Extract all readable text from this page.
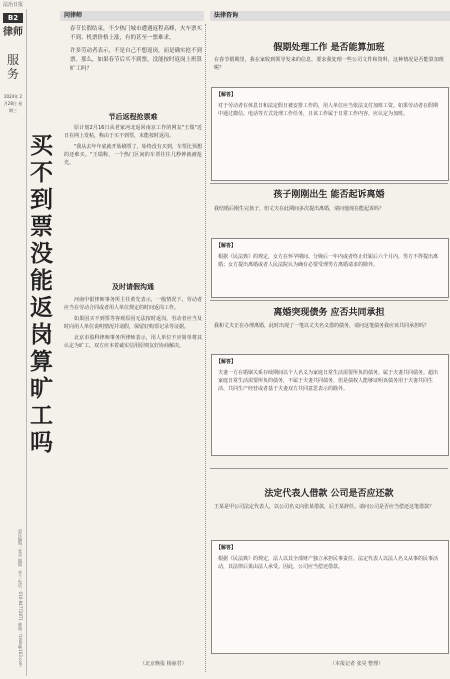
法治日报
B2
律师
服务
2024年 2月28日 星期三
责任编辑：张昊 编辑：李兰 电话：010-84772871 邮箱：fzrbls@163.com
买不到票没能返岗算旷工吗
问律师	法律咨询

春节长假结束，不少热门城市遭遇返程高峰，火车票买不到、机票价格上涨，有的甚至一票难求。

许多劳动者表示，不是自己不想返岗，而是确实抢不到票。那么，如果春节后买不到票，没能按时返岗上班算旷工吗？

节后返程抢票难

原计划2月16日从老家河北返回南京工作的网友"王瑞"近日在网上发帖，称由于买不到票，未能按时返岗。

"我从去年年底就开始刷票了，始终没有买到，车票比预想的还难买。"王瑞称，一个热门区间的车票往往几秒钟就被抢光。

及时请假沟通

河南中银律师事务所主任黄先表示，一般情况下，劳动者应当在劳动合同或者用人单位规定的时间返岗工作。

如果因买不到票等客观原因无法按时返岗，劳动者应当及时向用人单位说明情况并请假，保留好购票记录等证据。

北京市盈科律师事务所律师表示，用人单位不应简单将其认定为旷工。双方应本着诚实信用原则友好协商解决。

（北京晚报 杨丽君）
假期处理工作 是否能算加班
在春节假期里，我在家收到领导发来的信息，要求我处理一些公司文件和资料，这种情况是否能算加班呢？
【解答】
对于劳动者在休息日和法定假日被安排工作的，用人单位应当依法支付加班工资。如果劳动者在假期中通过微信、电话等方式处理工作任务，且该工作属于日常工作内容，应认定为加班。
孩子刚刚出生 能否起诉离婚
我结婚后刚生完孩子，但丈夫在此期间多次提出离婚，请问他现在能起诉吗？
【解答】
根据《民法典》的规定，女方在怀孕期间、分娩后一年内或者终止妊娠后六个月内，男方不得提出离婚；女方提出离婚或者人民法院认为确有必要受理男方离婚请求的除外。
离婚突现债务 应否共同承担
我和丈夫正在办理离婚，此时出现了一笔以丈夫名义借的债务，请问这笔债务我应该共同承担吗？
【解答】
夫妻一方在婚姻关系存续期间以个人名义为家庭日常生活需要所负的债务，属于夫妻共同债务。超出家庭日常生活需要所负的债务，不属于夫妻共同债务，但是债权人能够证明该债务用于夫妻共同生活、共同生产经营或者基于夫妻双方共同意思表示的除外。
法定代表人借款 公司是否应还款
王某是甲公司法定代表人，以公司名义向张某借款，后王某辞任。请问公司是否应当偿还这笔借款？
【解答】
根据《民法典》的规定，法人以其全部财产独立承担民事责任。法定代表人以法人名义从事的民事活动，其法律后果由法人承受。因此，公司应当偿还借款。
（本报记者 张昊 整理）
